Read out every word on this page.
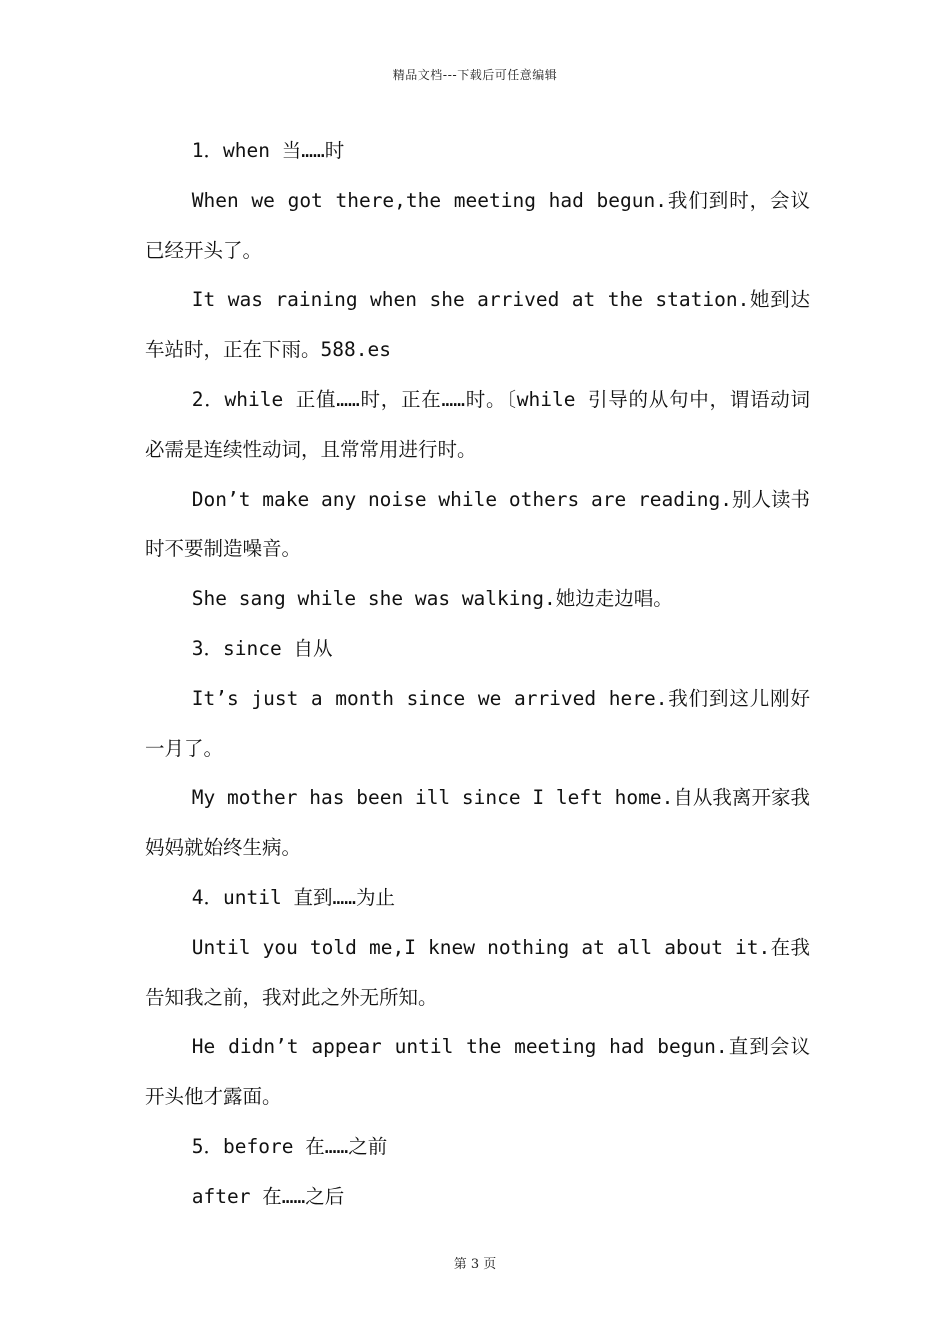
精品文档---下载后可任意编辑

1．when 当……时

When we got there,the meeting had begun.我们到时，会议已经开头了。

It was raining when she arrived at the station.她到达车站时，正在下雨。588.es

2．while 正值……时，正在……时。〔while 引导的从句中，谓语动词必需是连续性动词，且常常用进行时。

Don’t make any noise while others are reading.别人读书时不要制造噪音。

She sang while she was walking.她边走边唱。

3．since 自从

It’s just a month since we arrived here.我们到这儿刚好一月了。

My mother has been ill since I left home.自从我离开家我妈妈就始终生病。

4．until 直到……为止

Until you told me,I knew nothing at all about it.在我告知我之前，我对此之外无所知。

He didn’t appear until the meeting had begun.直到会议开头他才露面。

5．before 在……之前

after 在……之后

第 3 页
